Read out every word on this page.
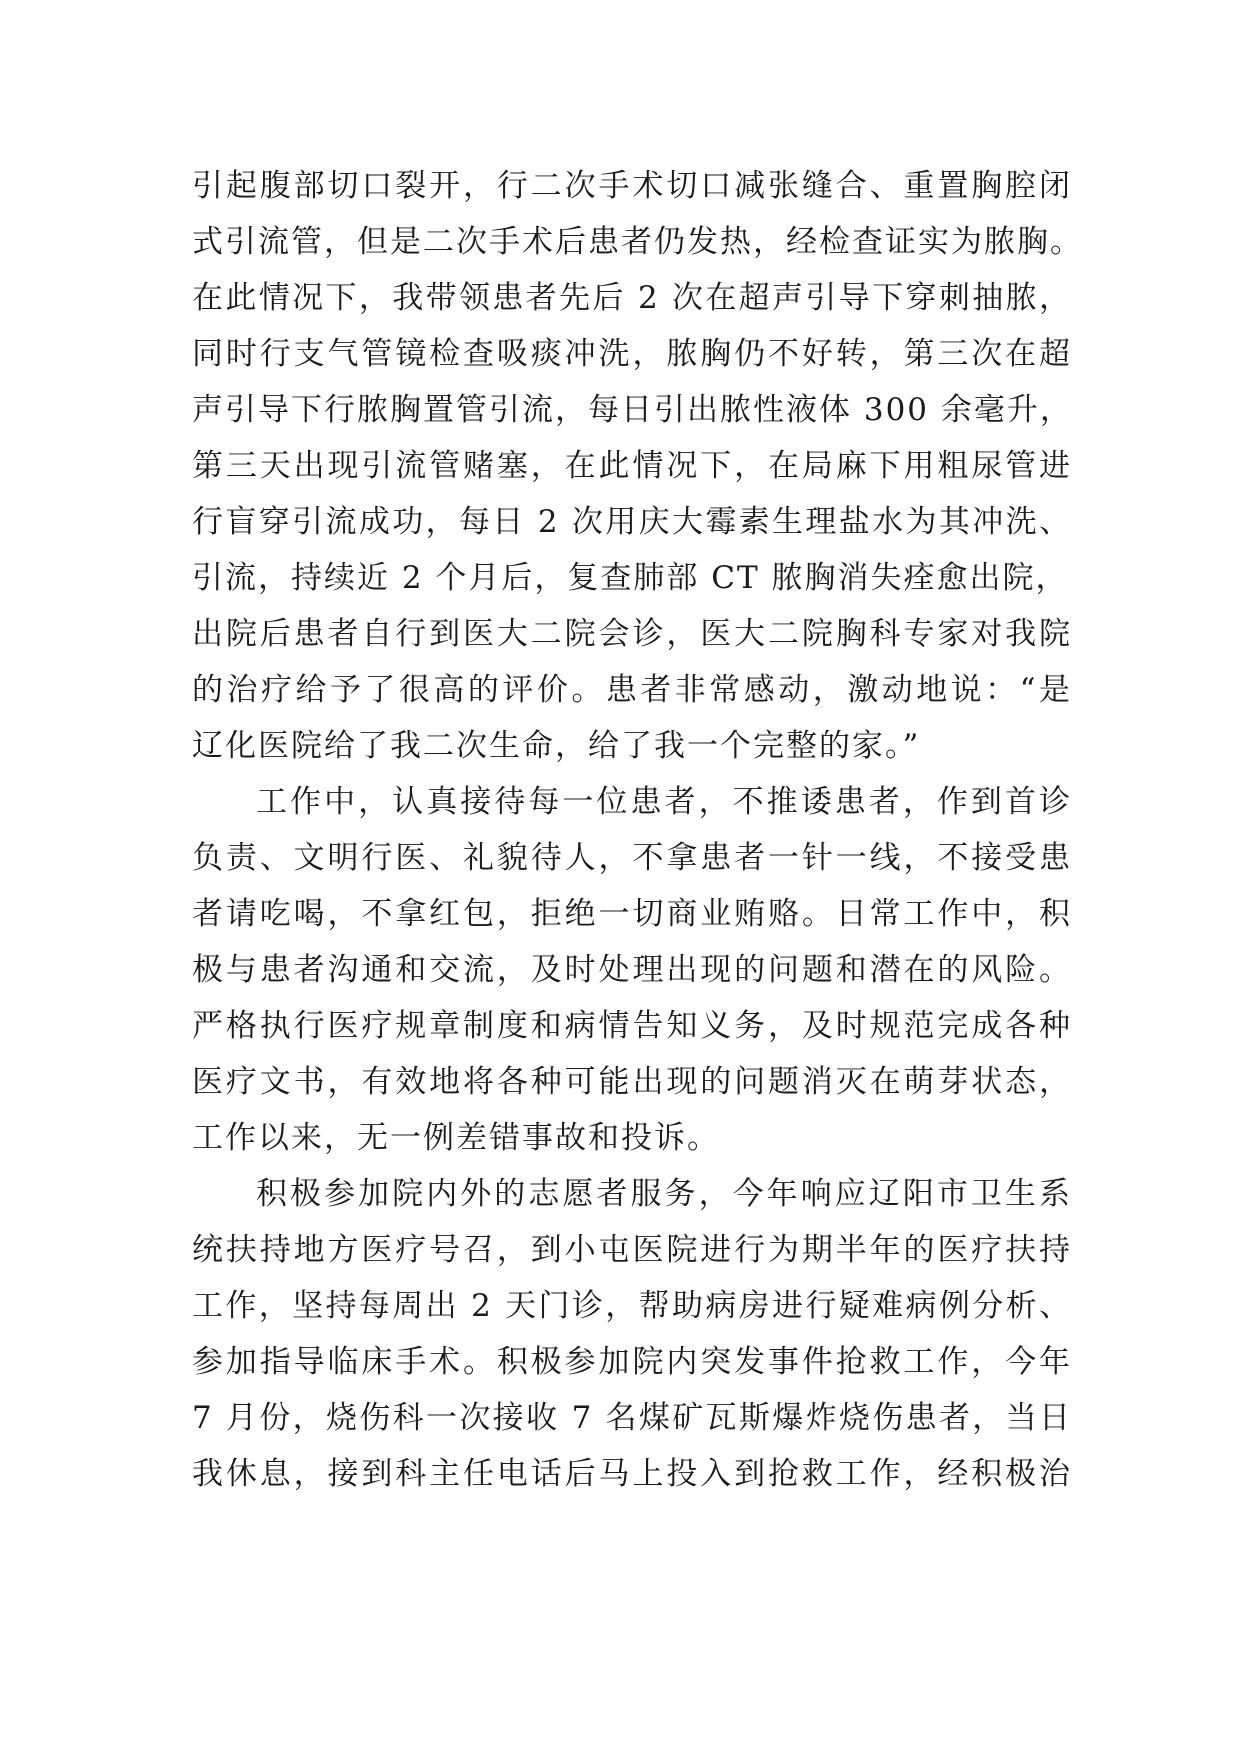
引起腹部切口裂开，行二次手术切口减张缝合、重置胸腔闭
式引流管，但是二次手术后患者仍发热，经检查证实为脓胸。
在此情况下，我带领患者先后 2 次在超声引导下穿刺抽脓，
同时行支气管镜检查吸痰冲洗，脓胸仍不好转，第三次在超
声引导下行脓胸置管引流，每日引出脓性液体 300 余毫升，
第三天出现引流管赌塞，在此情况下，在局麻下用粗尿管进
行盲穿引流成功，每日 2 次用庆大霉素生理盐水为其冲洗、
引流，持续近 2 个月后，复查肺部 CT 脓胸消失痊愈出院，
出院后患者自行到医大二院会诊，医大二院胸科专家对我院
的治疗给予了很高的评价。患者非常感动，激动地说：“是
辽化医院给了我二次生命，给了我一个完整的家。”
工作中，认真接待每一位患者，不推诿患者，作到首诊
负责、文明行医、礼貌待人，不拿患者一针一线，不接受患
者请吃喝，不拿红包，拒绝一切商业贿赂。日常工作中，积
极与患者沟通和交流，及时处理出现的问题和潜在的风险。
严格执行医疗规章制度和病情告知义务，及时规范完成各种
医疗文书，有效地将各种可能出现的问题消灭在萌芽状态，
工作以来，无一例差错事故和投诉。
积极参加院内外的志愿者服务，今年响应辽阳市卫生系
统扶持地方医疗号召，到小屯医院进行为期半年的医疗扶持
工作，坚持每周出 2 天门诊，帮助病房进行疑难病例分析、
参加指导临床手术。积极参加院内突发事件抢救工作，今年
7 月份，烧伤科一次接收 7 名煤矿瓦斯爆炸烧伤患者，当日
我休息，接到科主任电话后马上投入到抢救工作，经积极治
